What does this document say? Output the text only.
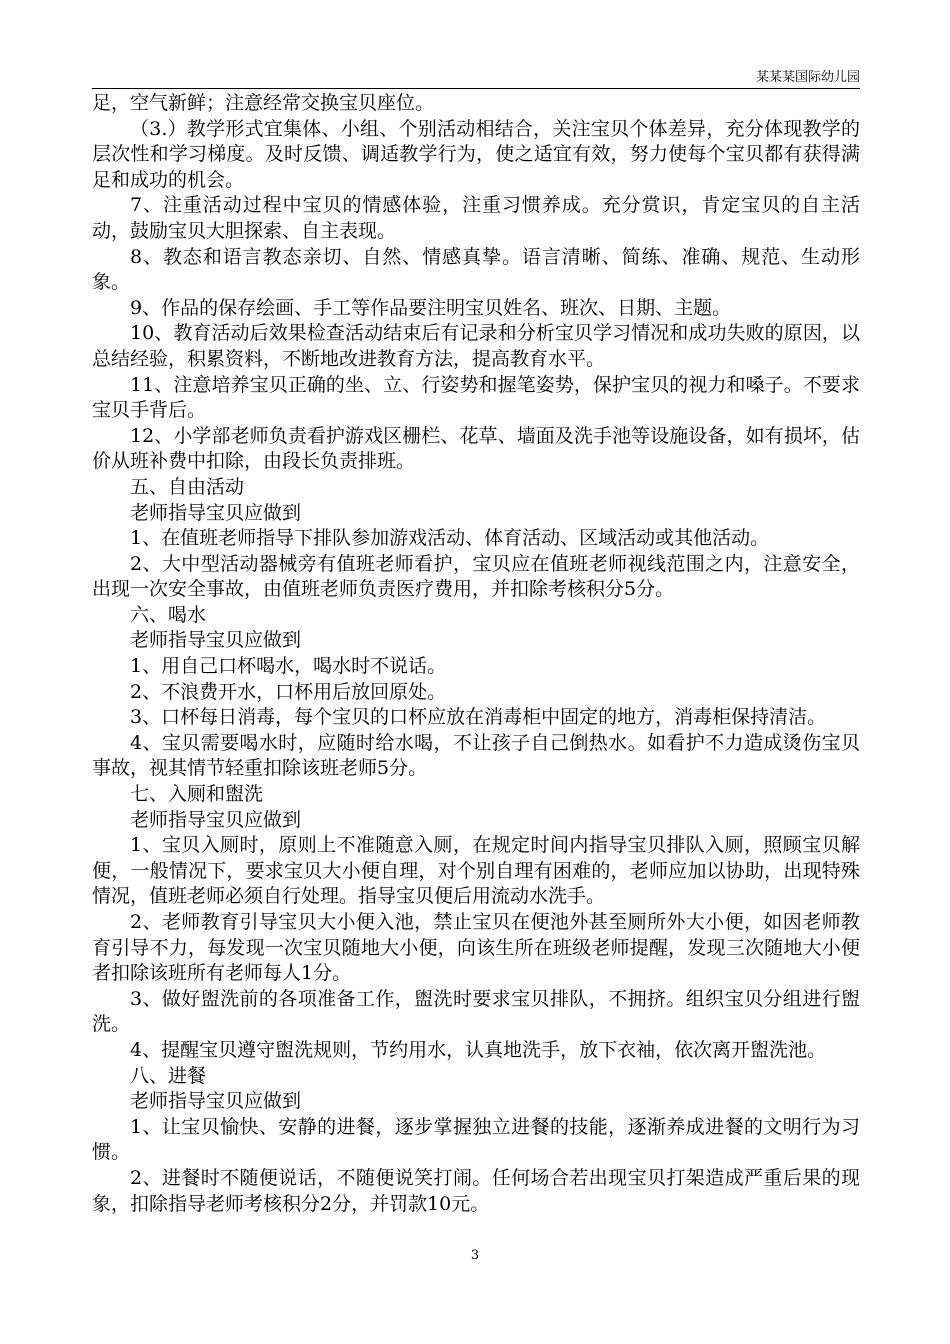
某某某国际幼儿园

足，空气新鲜；注意经常交换宝贝座位。

（3.）教学形式宜集体、小组、个别活动相结合，关注宝贝个体差异，充分体现教学的层次性和学习梯度。及时反馈、调适教学行为，使之适宜有效，努力使每个宝贝都有获得满足和成功的机会。

7、注重活动过程中宝贝的情感体验，注重习惯养成。充分赏识，肯定宝贝的自主活动，鼓励宝贝大胆探索、自主表现。

8、教态和语言教态亲切、自然、情感真挚。语言清晰、简练、准确、规范、生动形象。

9、作品的保存绘画、手工等作品要注明宝贝姓名、班次、日期、主题。

10、教育活动后效果检查活动结束后有记录和分析宝贝学习情况和成功失败的原因，以总结经验，积累资料，不断地改进教育方法，提高教育水平。

11、注意培养宝贝正确的坐、立、行姿势和握笔姿势，保护宝贝的视力和嗓子。不要求宝贝手背后。

12、小学部老师负责看护游戏区栅栏、花草、墙面及洗手池等设施设备，如有损坏，估价从班补费中扣除，由段长负责排班。

五、自由活动

老师指导宝贝应做到

1、在值班老师指导下排队参加游戏活动、体育活动、区域活动或其他活动。

2、大中型活动器械旁有值班老师看护，宝贝应在值班老师视线范围之内，注意安全，出现一次安全事故，由值班老师负责医疗费用，并扣除考核积分5分。

六、喝水

老师指导宝贝应做到

1、用自己口杯喝水，喝水时不说话。

2、不浪费开水，口杯用后放回原处。

3、口杯每日消毒，每个宝贝的口杯应放在消毒柜中固定的地方，消毒柜保持清洁。

4、宝贝需要喝水时，应随时给水喝，不让孩子自己倒热水。如看护不力造成烫伤宝贝事故，视其情节轻重扣除该班老师5分。

七、入厕和盥洗

老师指导宝贝应做到

1、宝贝入厕时，原则上不准随意入厕，在规定时间内指导宝贝排队入厕，照顾宝贝解便，一般情况下，要求宝贝大小便自理，对个别自理有困难的，老师应加以协助，出现特殊情况，值班老师必须自行处理。指导宝贝便后用流动水洗手。

2、老师教育引导宝贝大小便入池，禁止宝贝在便池外甚至厕所外大小便，如因老师教育引导不力，每发现一次宝贝随地大小便，向该生所在班级老师提醒，发现三次随地大小便者扣除该班所有老师每人1分。

3、做好盥洗前的各项准备工作，盥洗时要求宝贝排队，不拥挤。组织宝贝分组进行盥洗。

4、提醒宝贝遵守盥洗规则，节约用水，认真地洗手，放下衣袖，依次离开盥洗池。

八、进餐

老师指导宝贝应做到

1、让宝贝愉快、安静的进餐，逐步掌握独立进餐的技能，逐渐养成进餐的文明行为习惯。

2、进餐时不随便说话，不随便说笑打闹。任何场合若出现宝贝打架造成严重后果的现象，扣除指导老师考核积分2分，并罚款10元。

3
